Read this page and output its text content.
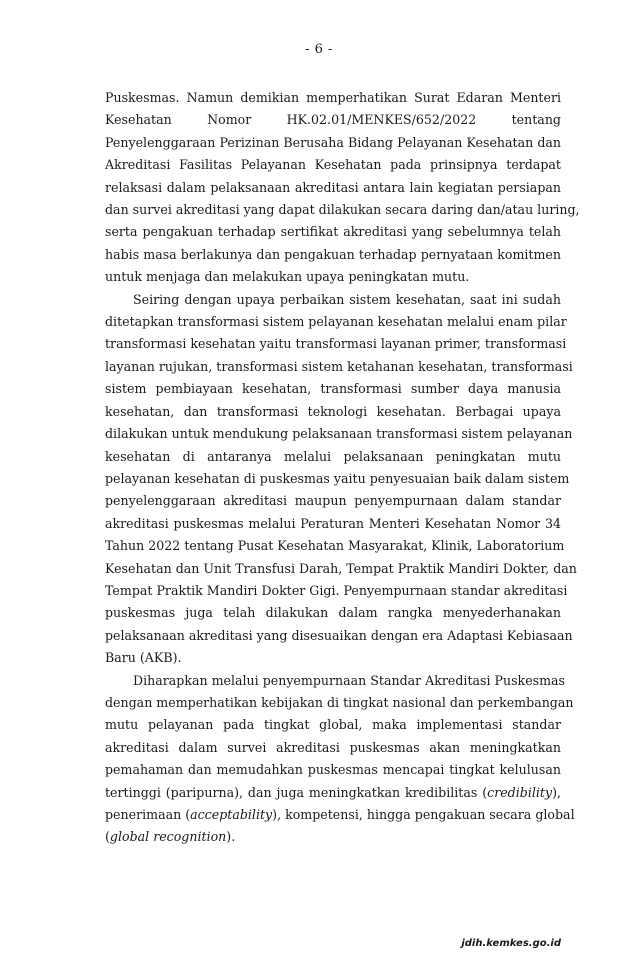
- 6 -
Puskesmas. Namun demikian memperhatikan Surat Edaran Menteri
Kesehatan Nomor HK.02.01/MENKES/652/2022 tentang
Penyelenggaraan Perizinan Berusaha Bidang Pelayanan Kesehatan dan
Akreditasi Fasilitas Pelayanan Kesehatan pada prinsipnya terdapat
relaksasi dalam pelaksanaan akreditasi antara lain kegiatan persiapan
dan survei akreditasi yang dapat dilakukan secara daring dan/atau luring,
serta pengakuan terhadap sertifikat akreditasi yang sebelumnya telah
habis masa berlakunya dan pengakuan terhadap pernyataan komitmen
untuk menjaga dan melakukan upaya peningkatan mutu.
Seiring dengan upaya perbaikan sistem kesehatan, saat ini sudah
ditetapkan transformasi sistem pelayanan kesehatan melalui enam pilar
transformasi kesehatan yaitu transformasi layanan primer, transformasi
layanan rujukan, transformasi sistem ketahanan kesehatan, transformasi
sistem pembiayaan kesehatan, transformasi sumber daya manusia
kesehatan, dan transformasi teknologi kesehatan. Berbagai upaya
dilakukan untuk mendukung pelaksanaan transformasi sistem pelayanan
kesehatan di antaranya melalui pelaksanaan peningkatan mutu
pelayanan kesehatan di puskesmas yaitu penyesuaian baik dalam sistem
penyelenggaraan akreditasi maupun penyempurnaan dalam standar
akreditasi puskesmas melalui Peraturan Menteri Kesehatan Nomor 34
Tahun 2022 tentang Pusat Kesehatan Masyarakat, Klinik, Laboratorium
Kesehatan dan Unit Transfusi Darah, Tempat Praktik Mandiri Dokter, dan
Tempat Praktik Mandiri Dokter Gigi. Penyempurnaan standar akreditasi
puskesmas juga telah dilakukan dalam rangka menyederhanakan
pelaksanaan akreditasi yang disesuaikan dengan era Adaptasi Kebiasaan
Baru (AKB).
Diharapkan melalui penyempurnaan Standar Akreditasi Puskesmas
dengan memperhatikan kebijakan di tingkat nasional dan perkembangan
mutu pelayanan pada tingkat global, maka implementasi standar
akreditasi dalam survei akreditasi puskesmas akan meningkatkan
pemahaman dan memudahkan puskesmas mencapai tingkat kelulusan
tertinggi (paripurna), dan juga meningkatkan kredibilitas (credibility),
penerimaan (acceptability), kompetensi, hingga pengakuan secara global
(global recognition).
jdih.kemkes.go.id
